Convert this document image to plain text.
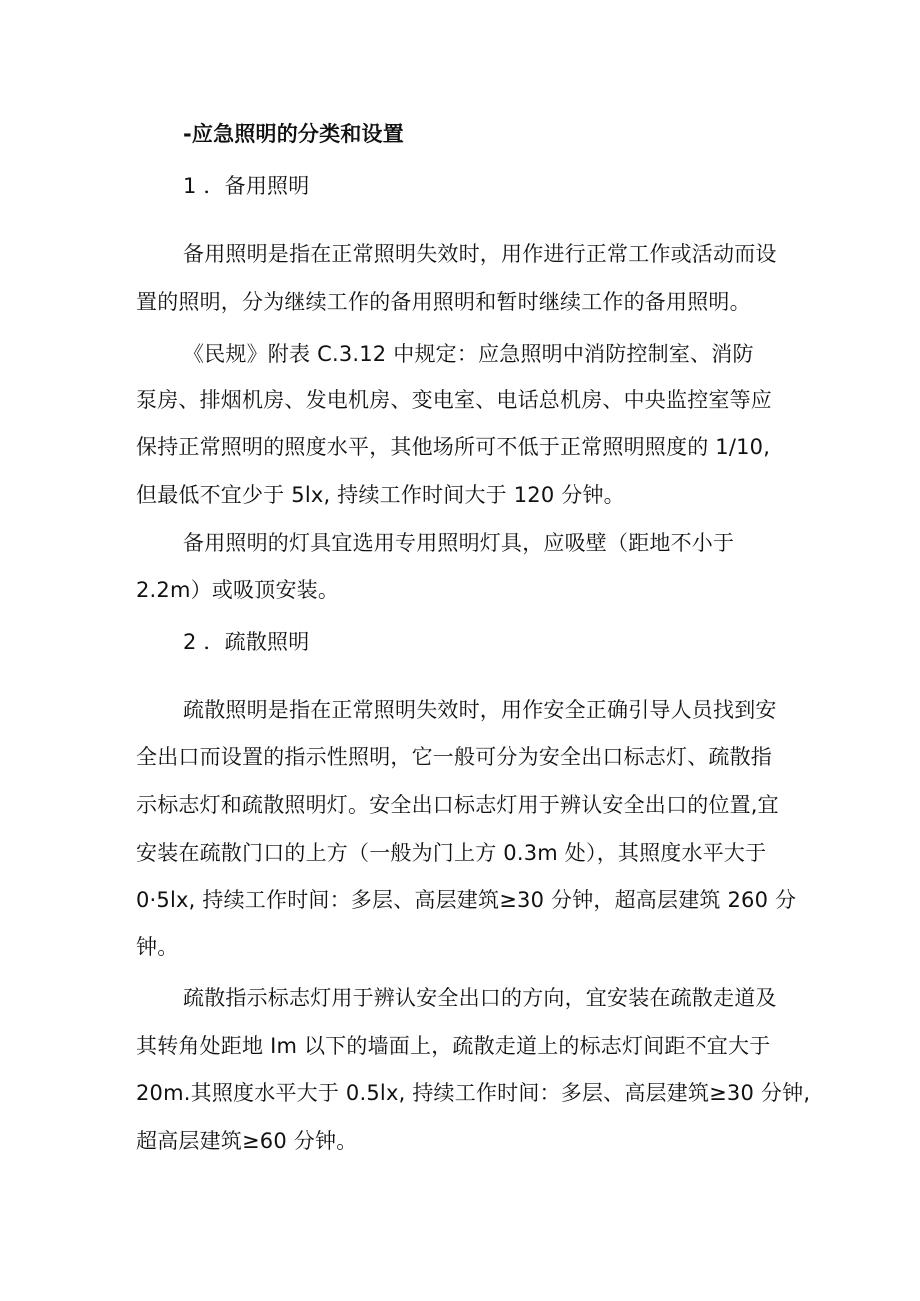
-应急照明的分类和设置
1 ．备用照明
备用照明是指在正常照明失效时，用作进行正常工作或活动而设
置的照明，分为继续工作的备用照明和暂时继续工作的备用照明。
《民规》附表 C.3.12 中规定：应急照明中消防控制室、消防
泵房、排烟机房、发电机房、变电室、电话总机房、中央监控室等应
保持正常照明的照度水平，其他场所可不低于正常照明照度的 1/10,
但最低不宜少于 5lx, 持续工作时间大于 120 分钟。
备用照明的灯具宜选用专用照明灯具，应吸壁（距地不小于
2.2m）或吸顶安装。
2 ．疏散照明
疏散照明是指在正常照明失效时，用作安全正确引导人员找到安
全出口而设置的指示性照明，它一般可分为安全出口标志灯、疏散指
示标志灯和疏散照明灯。安全出口标志灯用于辨认安全出口的位置,宜
安装在疏散门口的上方（一般为门上方 0.3m 处），其照度水平大于
0·5lx, 持续工作时间：多层、高层建筑≥30 分钟，超高层建筑 260 分
钟。
疏散指示标志灯用于辨认安全出口的方向，宜安装在疏散走道及
其转角处距地 Im 以下的墙面上，疏散走道上的标志灯间距不宜大于
20m.其照度水平大于 0.5lx, 持续工作时间：多层、高层建筑≥30 分钟,
超高层建筑≥60 分钟。
